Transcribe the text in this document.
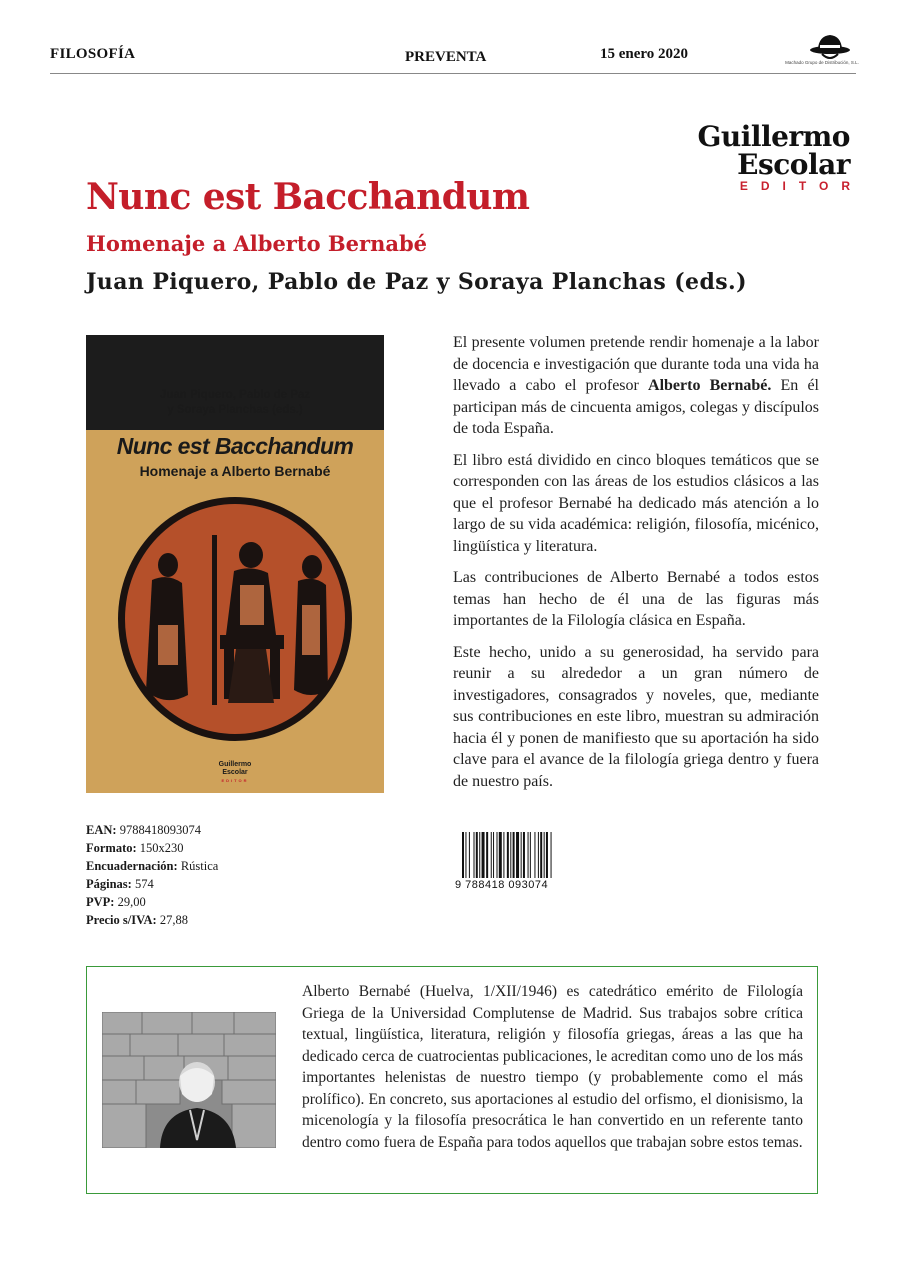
FILOSOFÍA	PREVENTA	15 enero 2020
Machado Grupo de Distribución, S.L.
Guillermo
Escolar
EDITOR
Nunc est Bacchandum
Homenaje a Alberto Bernabé
Juan Piquero, Pablo de Paz y Soraya Planchas (eds.)
Juan Piquero, Pablo de Paz
y Soraya Planchas (eds.)
Nunc est Bacchandum
Homenaje a Alberto Bernabé
Guillermo
Escolar
EDITOR

El presente volumen pretende rendir homenaje a la labor de docencia e investigación que durante toda una vida ha llevado a cabo el profesor Alberto Bernabé. En él participan más de cincuenta amigos, colegas y discípulos de toda España.

El libro está dividido en cinco bloques temáticos que se corresponden con las áreas de los estudios clásicos a las que el profesor Bernabé ha dedicado más atención a lo largo de su vida académica: religión, filosofía, micénico, lingüística y literatura.

Las contribuciones de Alberto Bernabé a todos estos temas han hecho de él una de las figuras más importantes de la Filología clásica en España.

Este hecho, unido a su generosidad, ha servido para reunir a su alrededor a un gran número de investigadores, consagrados y noveles, que, mediante sus contribuciones en este libro, muestran su admiración hacia él y ponen de manifiesto que su aportación ha sido clave para el avance de la filología griega dentro y fuera de nuestro país.

EAN: 9788418093074
Formato: 150x230
Encuadernación: Rústica
Páginas: 574
PVP: 29,00
Precio s/IVA: 27,88
9 788418 093074
Alberto Bernabé (Huelva, 1/XII/1946) es catedrático emérito de Filología Griega de la Universidad Complutense de Madrid. Sus trabajos sobre crítica textual, lingüística, literatura, religión y filosofía griegas, áreas a las que ha dedicado cerca de cuatrocientas publicaciones, le acreditan como uno de los más importantes helenistas de nuestro tiempo (y probablemente como el más prolífico). En concreto, sus aportaciones al estudio del orfismo, el dionisismo, la micenología y la filosofía presocrática le han convertido en un referente tanto dentro como fuera de España para todos aquellos que trabajan sobre estos temas.
